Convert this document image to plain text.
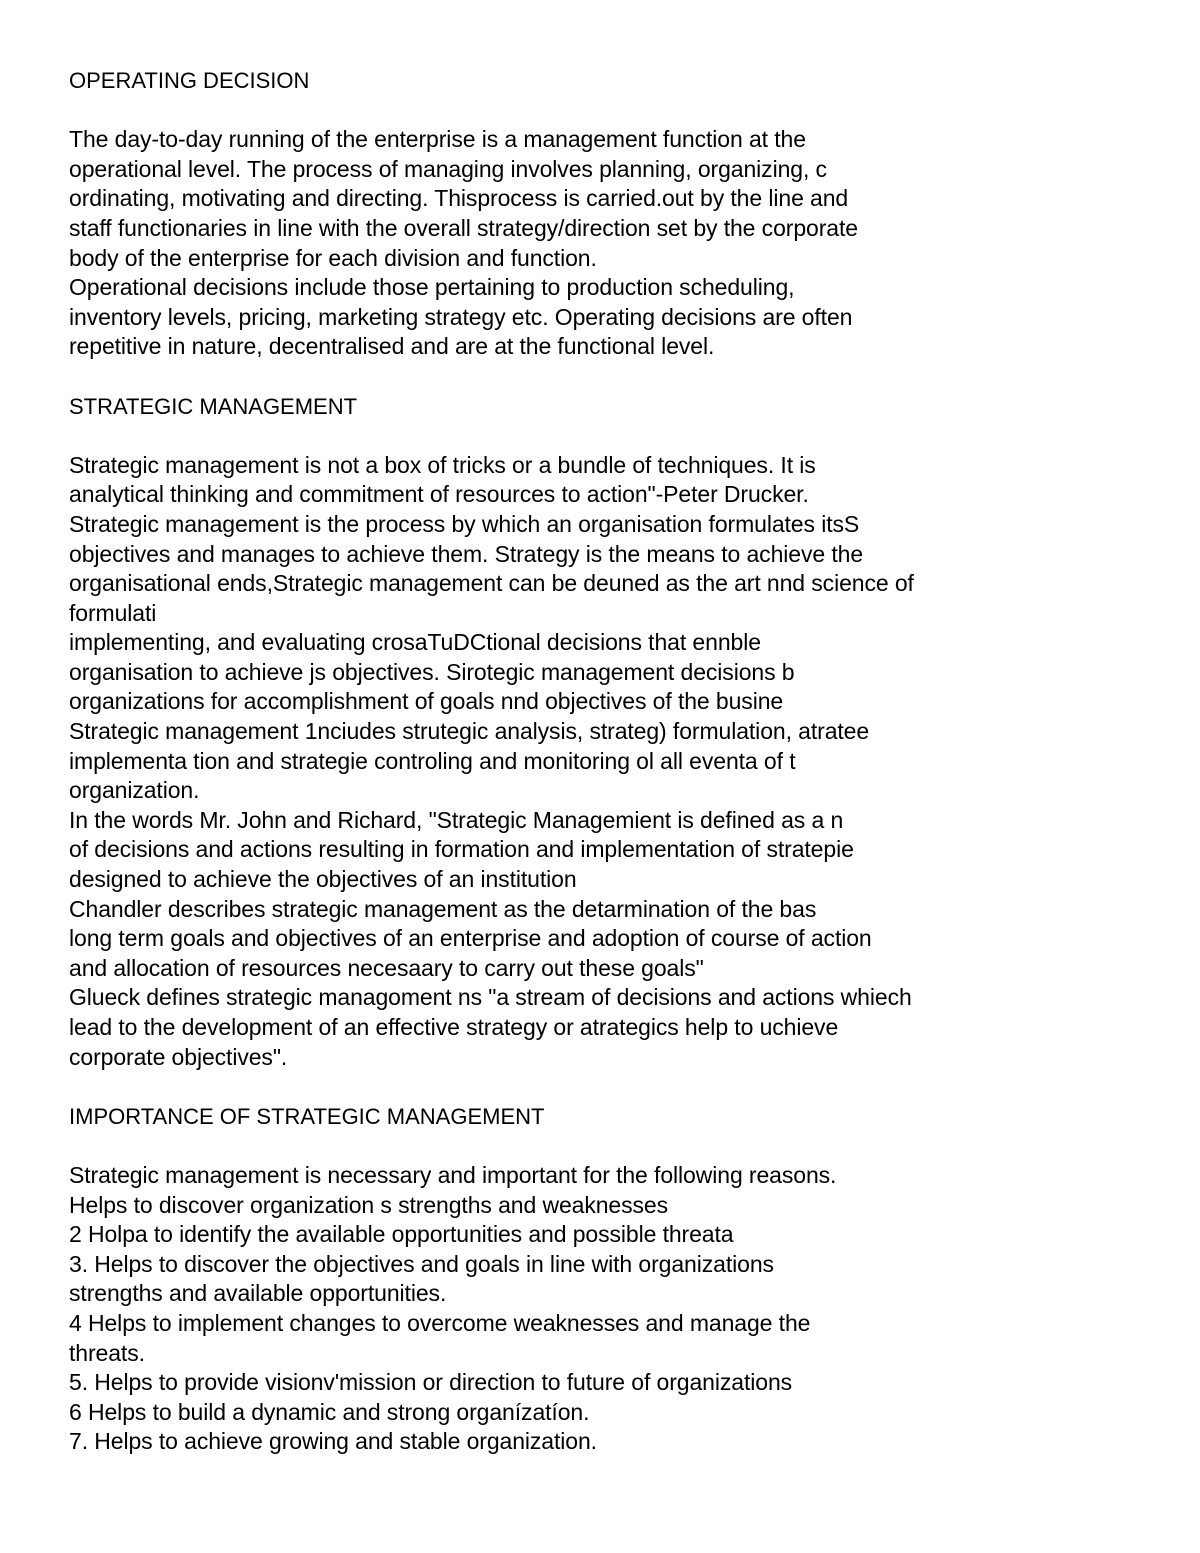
OPERATING DECISION
The day-to-day running of the enterprise is a management function at the
operational level. The process of managing involves planning, organizing, c
ordinating, motivating and directing. Thisprocess is carried.out by the line and
staff functionaries in line with the overall strategy/direction set by the corporate
body of the enterprise for each division and function.
Operational decisions include those pertaining to production scheduling,
inventory levels, pricing, marketing strategy etc. Operating decisions are often
repetitive in nature, decentralised and are at the functional level.
STRATEGIC MANAGEMENT
Strategic management is not a box of tricks or a bundle of techniques. It is
analytical thinking and commitment of resources to action"-Peter Drucker.
Strategic management is the process by which an organisation formulates itsS
objectives and manages to achieve them. Strategy is the means to achieve the
organisational ends,Strategic management can be deuned as the art nnd science of
formulati
implementing, and evaluating crosaTuDCtional decisions that ennble
organisation to achieve js objectives. Sirotegic management decisions b
organizations for accomplishment of goals nnd objectives of the busine
Strategic management 1nciudes strutegic analysis, strateg) formulation, atratee
implementa tion and strategie controling and monitoring ol all eventa of t
organization.
In the words Mr. John and Richard, "Strategic Managemient is defined as a n
of decisions and actions resulting in formation and implementation of stratepie
designed to achieve the objectives of an institution
Chandler describes strategic management as the detarmination of the bas
long term goals and objectives of an enterprise and adoption of course of action
and allocation of resources necesaary to carry out these goals"
Glueck defines strategic managoment ns "a stream of decisions and actions whiech
lead to the development of an effective strategy or atrategics help to uchieve
corporate objectives".
IMPORTANCE OF STRATEGIC MANAGEMENT
Strategic management is necessary and important for the following reasons.
Helps to discover organization s strengths and weaknesses
2 Holpa to identify the available opportunities and possible threata
3. Helps to discover the objectives and goals in line with organizations
strengths and available opportunities.
4 Helps to implement changes to overcome weaknesses and manage the
threats.
5. Helps to provide visionv'mission or direction to future of organizations
6 Helps to build a dynamic and strong organízatíon.
7. Helps to achieve growing and stable organization.
